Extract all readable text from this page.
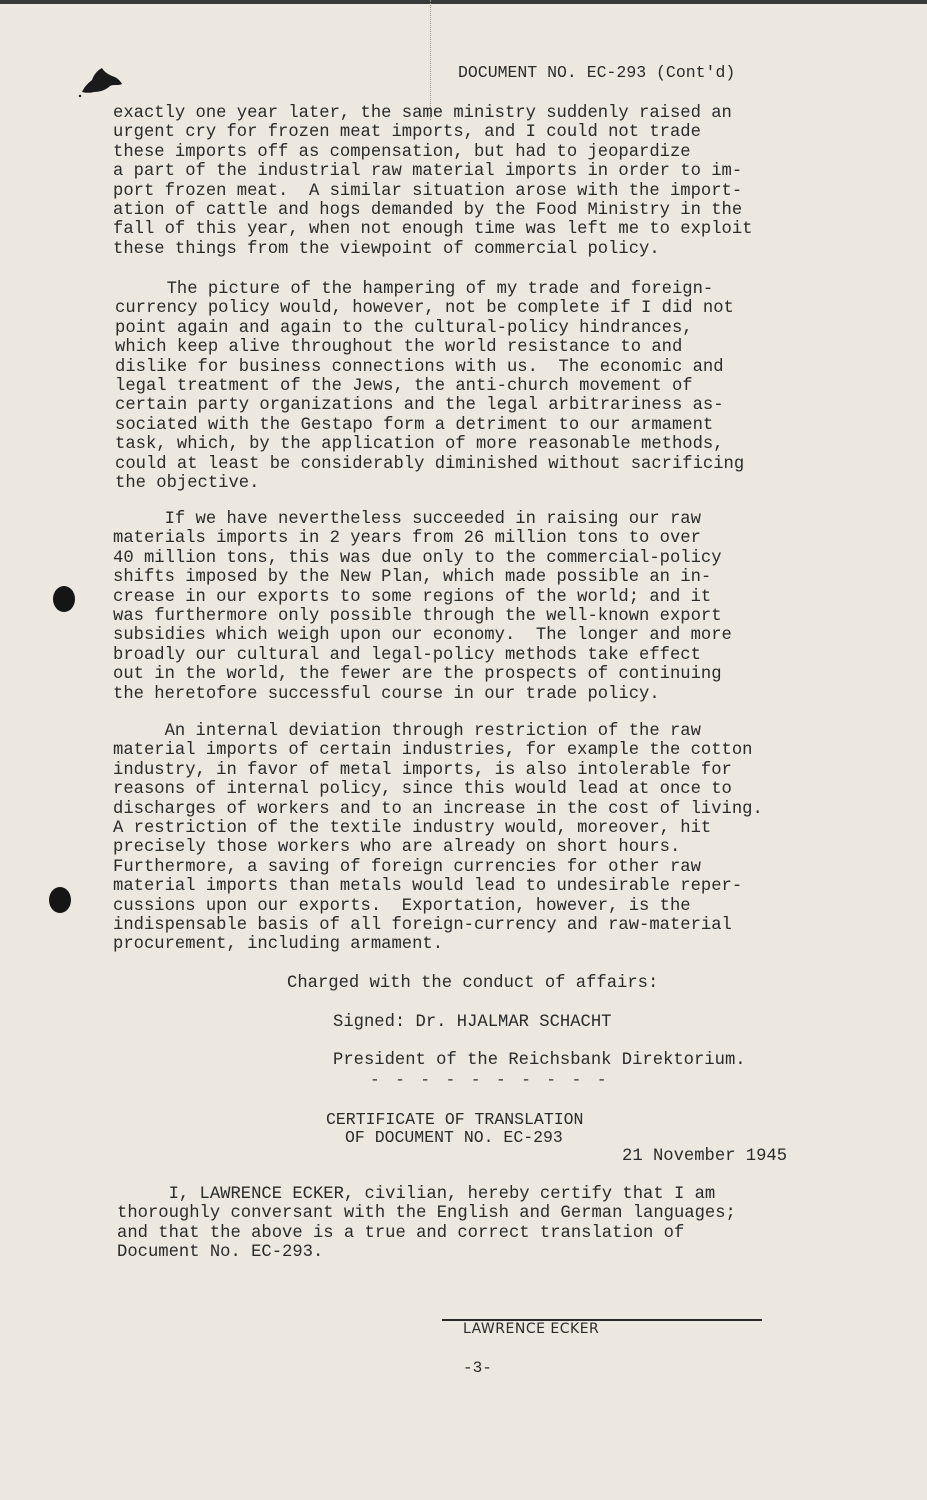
DOCUMENT NO. EC-293 (Cont'd)
exactly one year later, the same ministry suddenly raised an
urgent cry for frozen meat imports, and I could not trade
these imports off as compensation, but had to jeopardize
a part of the industrial raw material imports in order to im-
port frozen meat.  A similar situation arose with the import-
ation of cattle and hogs demanded by the Food Ministry in the
fall of this year, when not enough time was left me to exploit
these things from the viewpoint of commercial policy.
The picture of the hampering of my trade and foreign-
currency policy would, however, not be complete if I did not
point again and again to the cultural-policy hindrances,
which keep alive throughout the world resistance to and
dislike for business connections with us.  The economic and
legal treatment of the Jews, the anti-church movement of
certain party organizations and the legal arbitrariness as-
sociated with the Gestapo form a detriment to our armament
task, which, by the application of more reasonable methods,
could at least be considerably diminished without sacrificing
the objective.
If we have nevertheless succeeded in raising our raw
materials imports in 2 years from 26 million tons to over
40 million tons, this was due only to the commercial-policy
shifts imposed by the New Plan, which made possible an in-
crease in our exports to some regions of the world; and it
was furthermore only possible through the well-known export
subsidies which weigh upon our economy.  The longer and more
broadly our cultural and legal-policy methods take effect
out in the world, the fewer are the prospects of continuing
the heretofore successful course in our trade policy.
An internal deviation through restriction of the raw
material imports of certain industries, for example the cotton
industry, in favor of metal imports, is also intolerable for
reasons of internal policy, since this would lead at once to
discharges of workers and to an increase in the cost of living.
A restriction of the textile industry would, moreover, hit
precisely those workers who are already on short hours.
Furthermore, a saving of foreign currencies for other raw
material imports than metals would lead to undesirable reper-
cussions upon our exports.  Exportation, however, is the
indispensable basis of all foreign-currency and raw-material
procurement, including armament.
Charged with the conduct of affairs:
Signed: Dr. HJALMAR SCHACHT
President of the Reichsbank Direktorium.
- - - - - - - - - -
CERTIFICATE OF TRANSLATION
OF DOCUMENT NO. EC-293
21 November 1945
I, LAWRENCE ECKER, civilian, hereby certify that I am
thoroughly conversant with the English and German languages;
and that the above is a true and correct translation of
Document No. EC-293.
LAWRENCE ECKER
-3-
